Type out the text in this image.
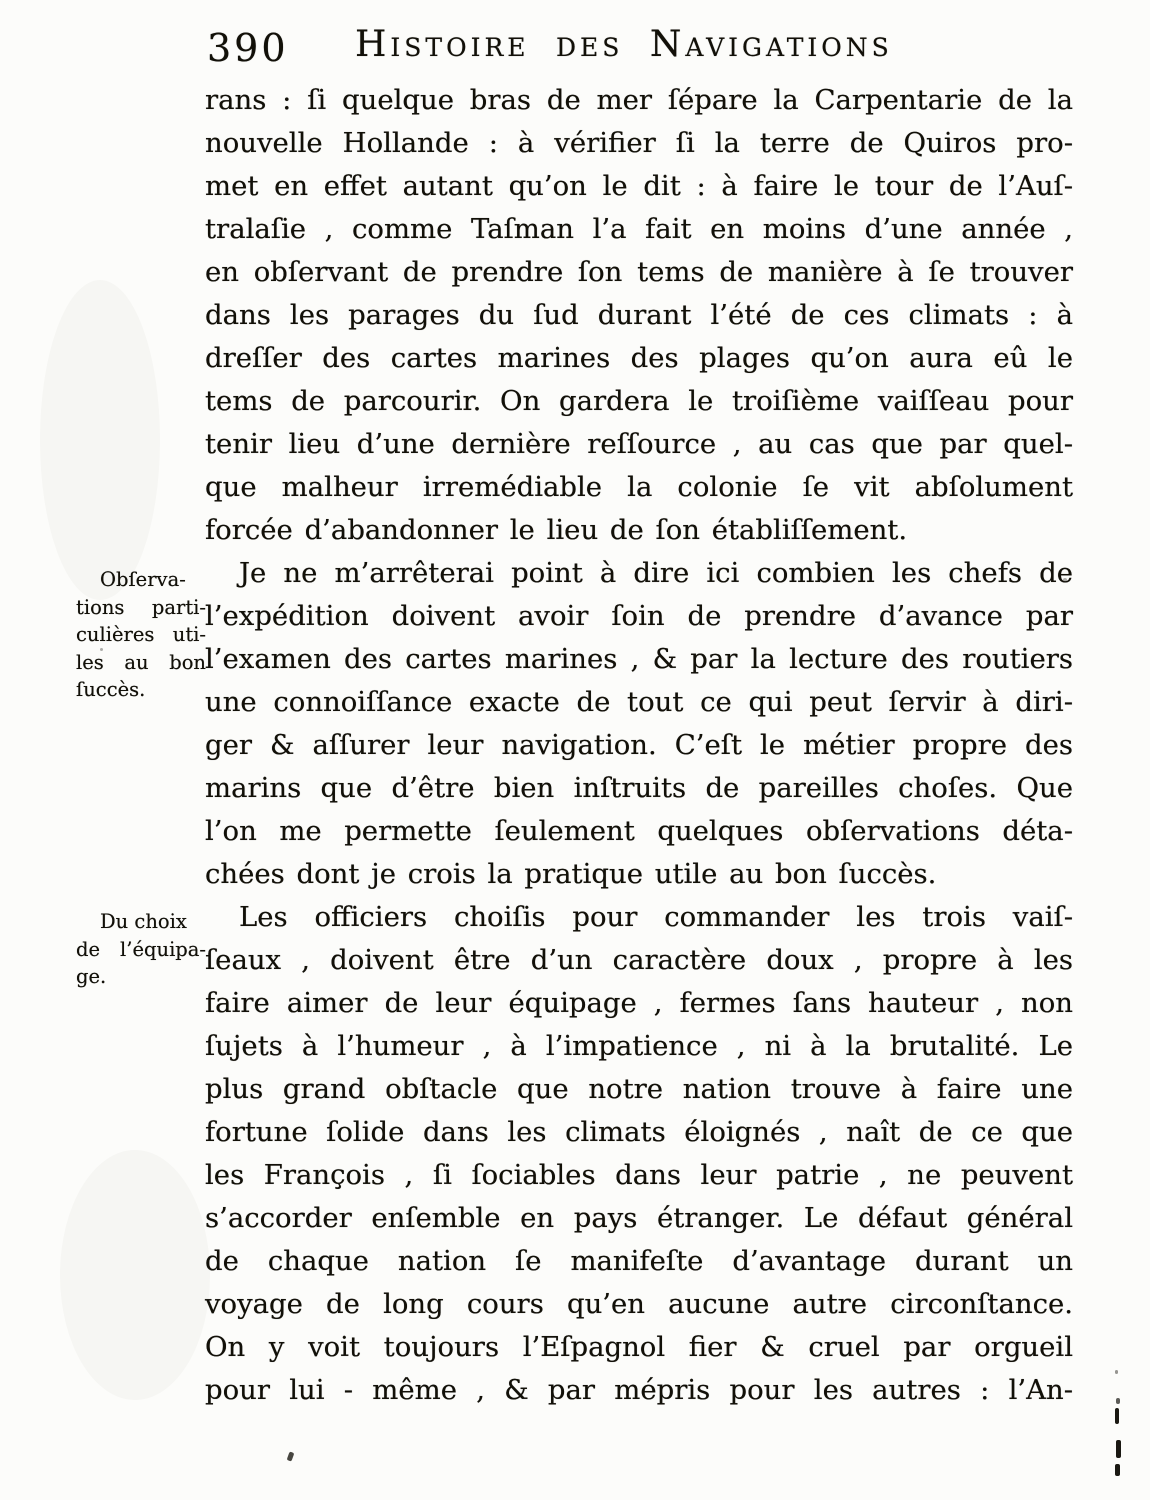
390 Histoire des Navigations
rans : ſi quelque bras de mer ſépare la Carpentarie de la
nouvelle Hollande : à vérifier ſi la terre de Quiros pro-
met en effet autant qu’on le dit : à faire le tour de l’Auſ-
tralaſie , comme Taſman l’a fait en moins d’une année ,
en obſervant de prendre ſon tems de manière à ſe trouver
dans les parages du ſud durant l’été de ces climats : à
dreſſer des cartes marines des plages qu’on aura eû le
tems de parcourir. On gardera le troiſième vaiſſeau pour
tenir lieu d’une dernière reſſource , au cas que par quel-
que malheur irremédiable la colonie ſe vit abſolument
forcée d’abandonner le lieu de ſon établiſſement.
Je ne m’arrêterai point à dire ici combien les chefs de
l’expédition doivent avoir ſoin de prendre d’avance par
l’examen des cartes marines , & par la lecture des routiers
une connoiſſance exacte de tout ce qui peut ſervir à diri-
ger & aſſurer leur navigation. C’eſt le métier propre des
marins que d’être bien inſtruits de pareilles choſes. Que
l’on me permette ſeulement quelques obſervations déta-
chées dont je crois la pratique utile au bon ſuccès.
Les officiers choiſis pour commander les trois vaiſ-
ſeaux , doivent être d’un caractère doux , propre à les
faire aimer de leur équipage , fermes ſans hauteur , non
ſujets à l’humeur , à l’impatience , ni à la brutalité. Le
plus grand obſtacle que notre nation trouve à faire une
fortune ſolide dans les climats éloignés , naît de ce que
les François , ſi ſociables dans leur patrie , ne peuvent
s’accorder enſemble en pays étranger. Le défaut général
de chaque nation ſe manifeſte d’avantage durant un
voyage de long cours qu’en aucune autre circonſtance.
On y voit toujours l’Eſpagnol fier & cruel par orgueil
pour lui - même , & par mépris pour les autres : l’An-
Obſerva-
tions parti-
culières uti-
les au bon
ſuccès.
Du choix
de l’équipa-
ge.
